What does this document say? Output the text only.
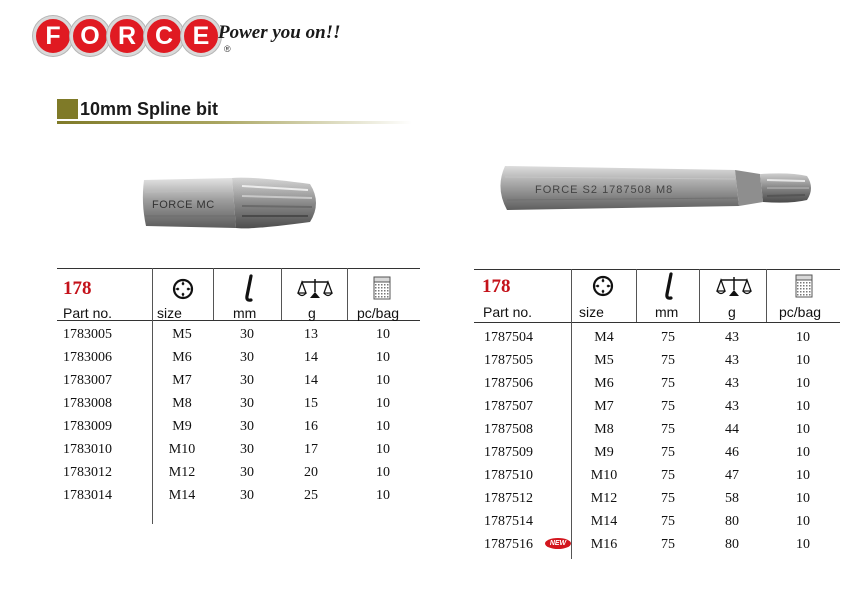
F O R C E	®
Power you on!!
10mm Spline bit
FORCE MC
FORCE S2 1787508 M8
178
Part no.	size	mm	g	pc/bag
1783005	M5	30	13	10
1783006	M6	30	14	10
1783007	M7	30	14	10
1783008	M8	30	15	10
1783009	M9	30	16	10
1783010	M10	30	17	10
1783012	M12	30	20	10
1783014	M14	30	25	10
178
Part no.	size	mm	g	pc/bag
1787504	M4	75	43	10
1787505	M5	75	43	10
1787506	M6	75	43	10
1787507	M7	75	43	10
1787508	M8	75	44	10
1787509	M9	75	46	10
1787510	M10	75	47	10
1787512	M12	75	58	10
1787514	M14	75	80	10
1787516	M16	75	80	10
NEW
